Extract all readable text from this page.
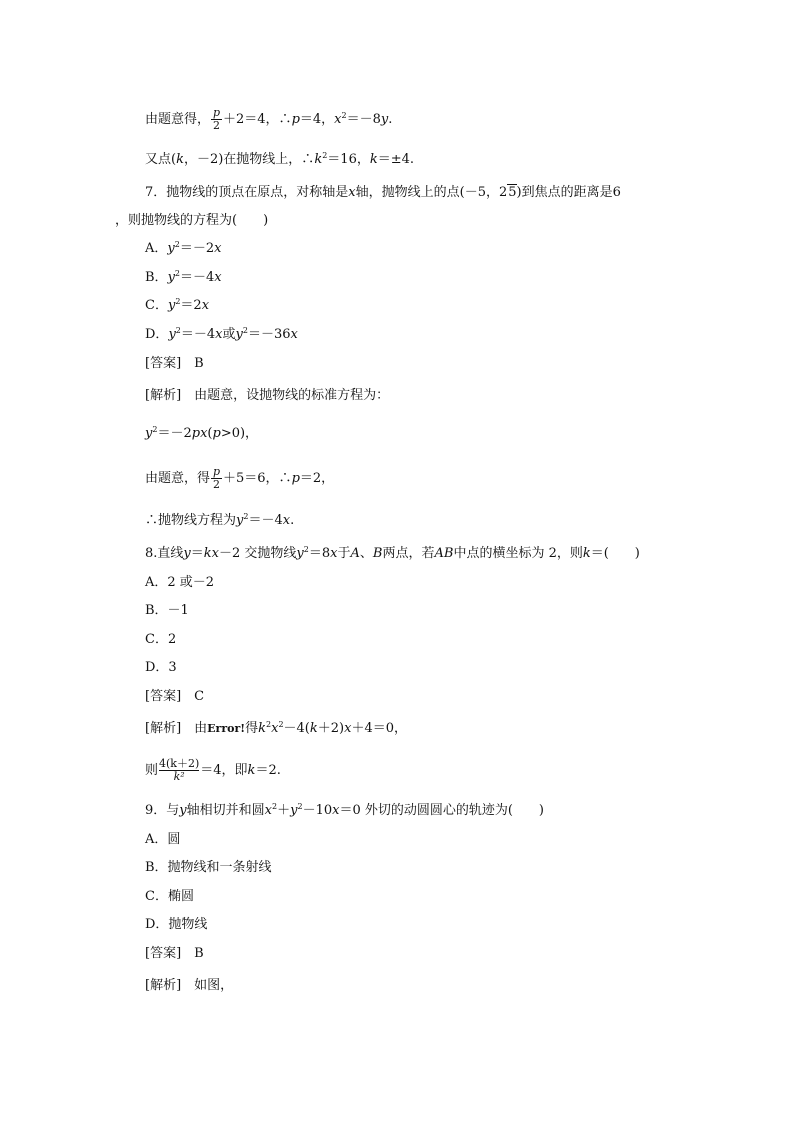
由题意得， $\frac{p}{2} +2=4$，∴p＝4，$x^2=-8y$.
又点(k，－2)在抛物线上，$\therefore k^2=16$，k＝±4.
7．抛物线的顶点在原点，对称轴是x轴，抛物线上的点(－5，25)到焦点的距离是6
，则抛物线的方程为(　　)
A．$y^2=-2x$
B．$y^2=-4x$
C．$y^2=2x$
D．$y^2=-4x$或$y^2=-36x$
[答案]　B
[解析]　由题意，设抛物线的标准方程为：
$y^2=-2px(p>0)$，
由题意，得 $\frac{p}{2} +5=6$，∴p＝2，
∴抛物线方程为$y^2=-4x$.
8.直线y＝kx－2 交抛物线$y^2=8x$于A、B两点，若AB中点的横坐标为 2，则k＝(　　)
A．2 或－2
B．－1
C．2
D．3
[答案]　C
[解析]　由Error!得$k^2x^2-4(k+2)x+4=0$，
则 $\frac{4(k+2)}{\text{k²}} =4$，即k＝2.
9．与y轴相切并和圆$x^2+y^2-10x=0$ 外切的动圆圆心的轨迹为(　　)
A．圆
B．抛物线和一条射线
C．椭圆
D．抛物线
[答案]　B
[解析]　如图，
